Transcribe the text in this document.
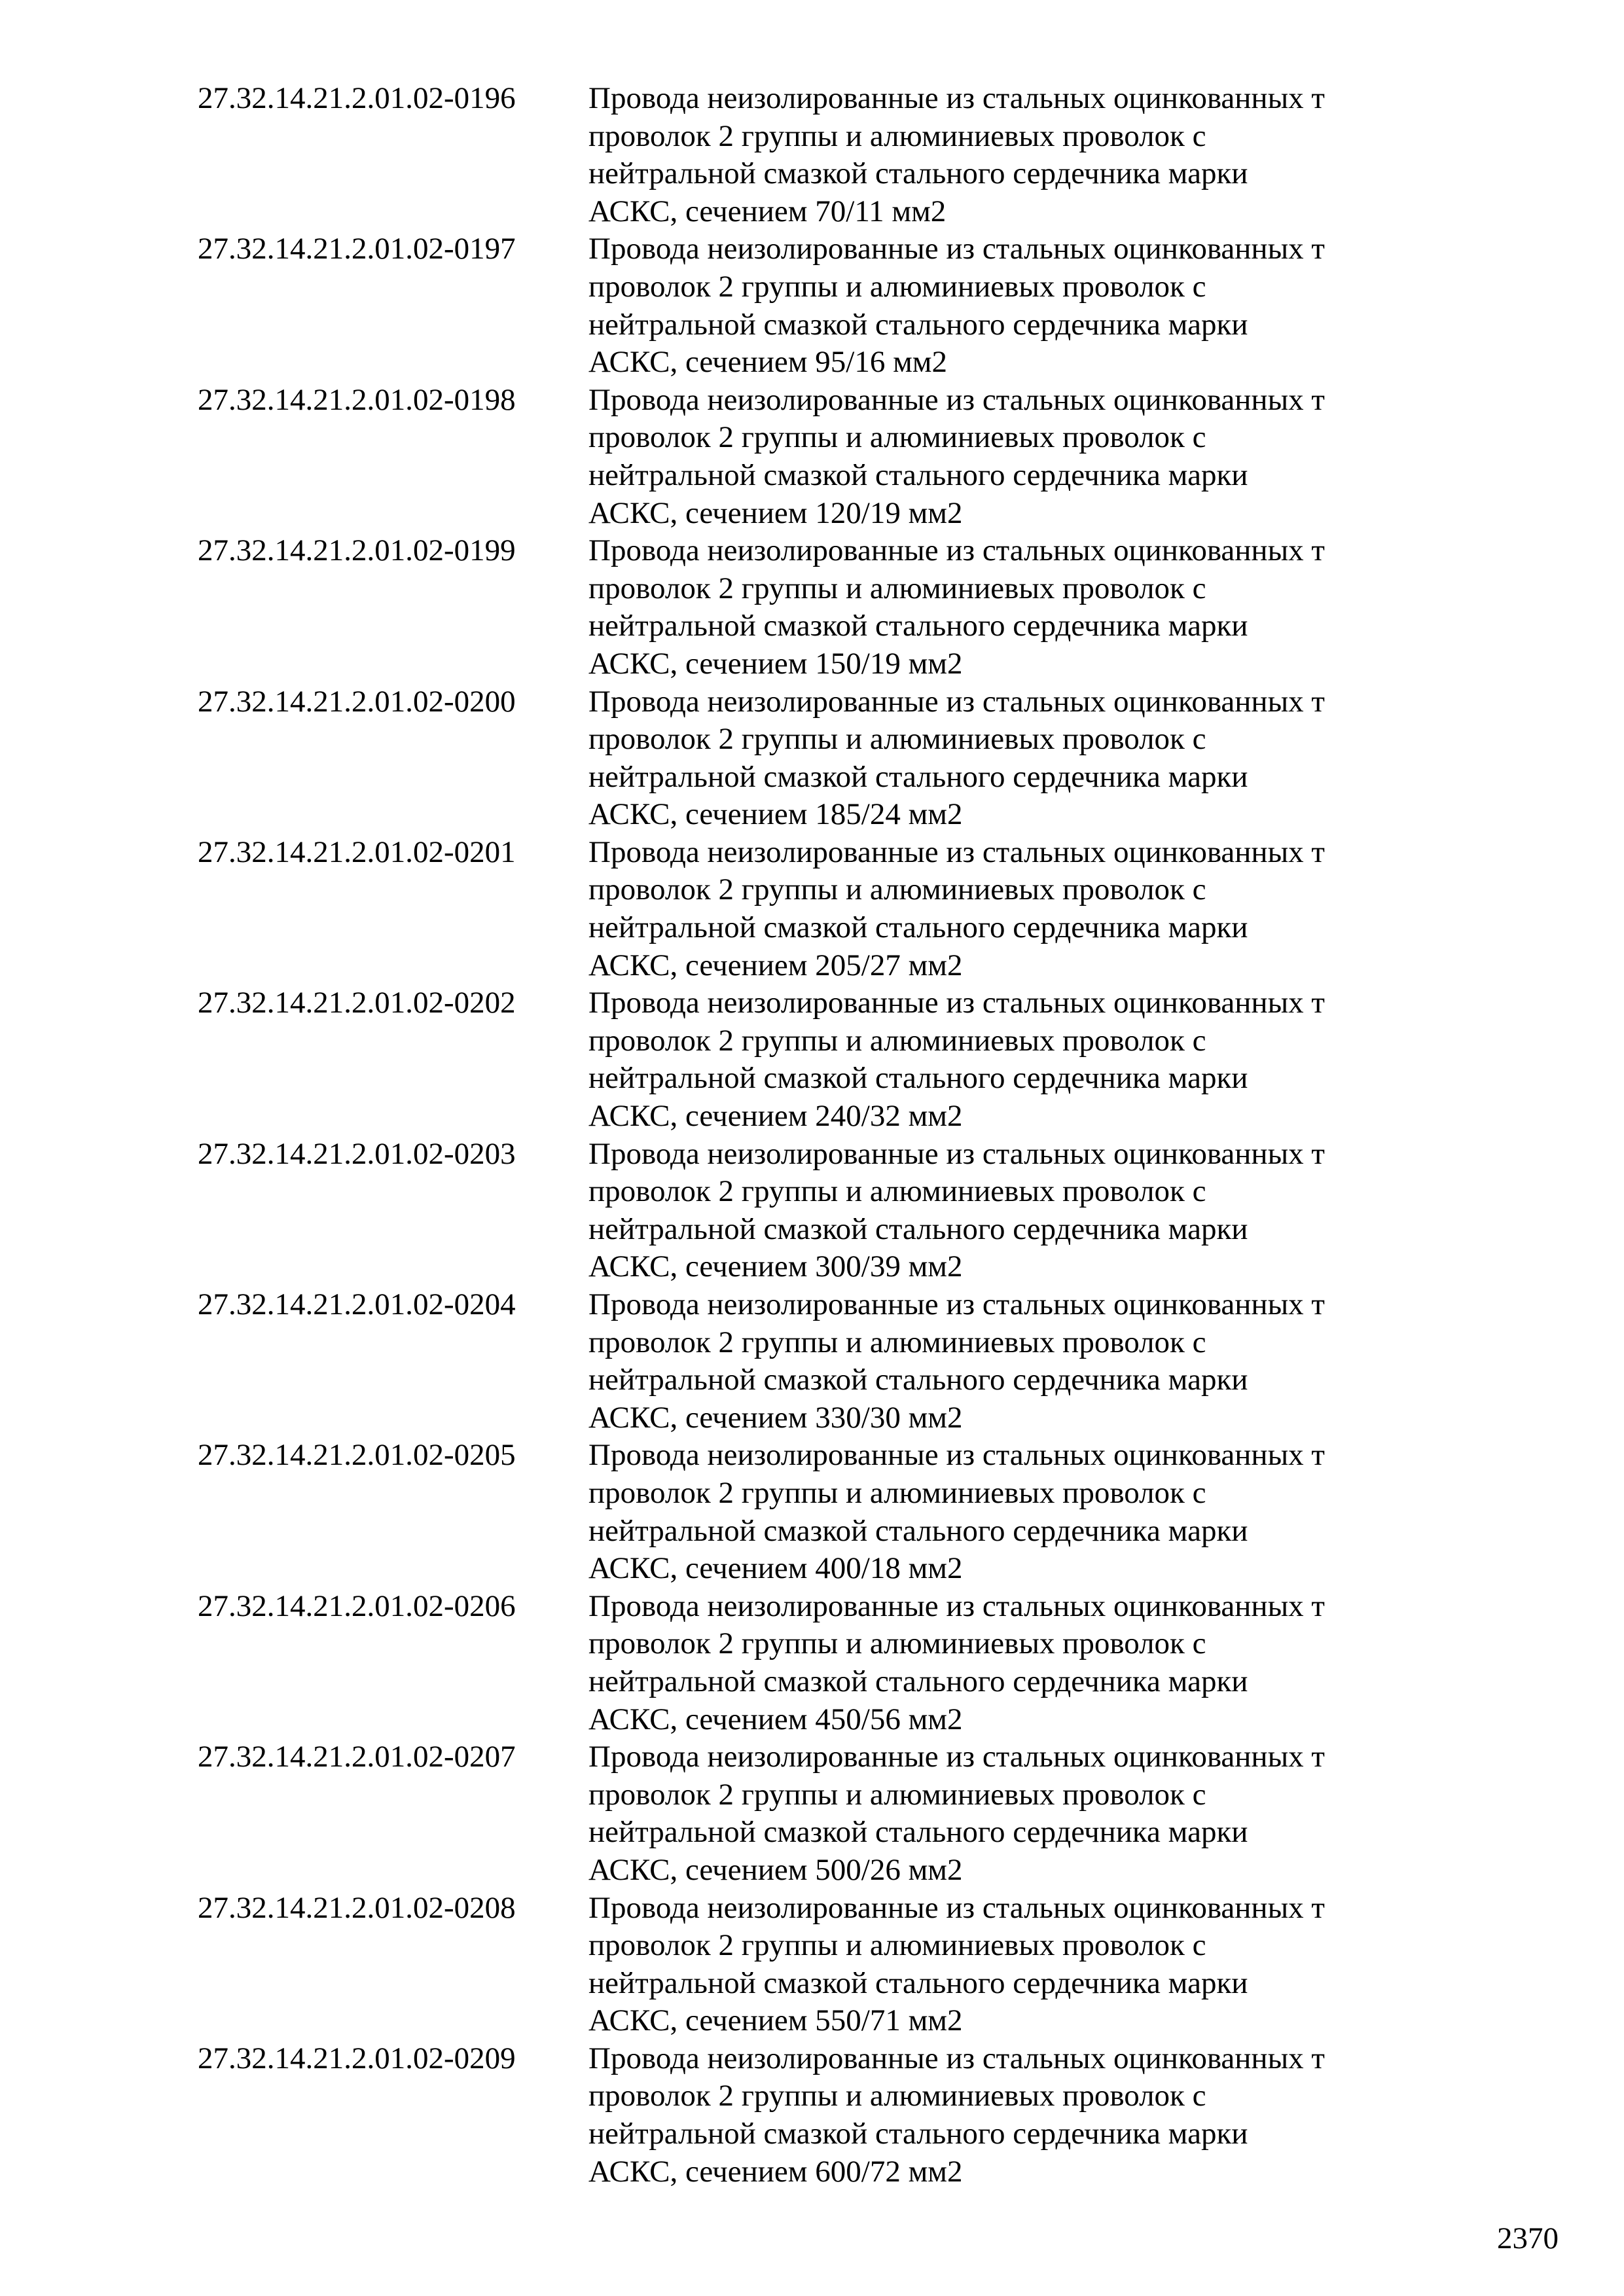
27.32.14.21.2.01.02-0196	Провода неизолированные из стальных оцинкованных т
проволок 2 группы и алюминиевых проволок с
нейтральной смазкой стального сердечника марки
АСКС, сечением 70/11 мм2
27.32.14.21.2.01.02-0197	Провода неизолированные из стальных оцинкованных т
проволок 2 группы и алюминиевых проволок с
нейтральной смазкой стального сердечника марки
АСКС, сечением 95/16 мм2
27.32.14.21.2.01.02-0198	Провода неизолированные из стальных оцинкованных т
проволок 2 группы и алюминиевых проволок с
нейтральной смазкой стального сердечника марки
АСКС, сечением 120/19 мм2
27.32.14.21.2.01.02-0199	Провода неизолированные из стальных оцинкованных т
проволок 2 группы и алюминиевых проволок с
нейтральной смазкой стального сердечника марки
АСКС, сечением 150/19 мм2
27.32.14.21.2.01.02-0200	Провода неизолированные из стальных оцинкованных т
проволок 2 группы и алюминиевых проволок с
нейтральной смазкой стального сердечника марки
АСКС, сечением 185/24 мм2
27.32.14.21.2.01.02-0201	Провода неизолированные из стальных оцинкованных т
проволок 2 группы и алюминиевых проволок с
нейтральной смазкой стального сердечника марки
АСКС, сечением 205/27 мм2
27.32.14.21.2.01.02-0202	Провода неизолированные из стальных оцинкованных т
проволок 2 группы и алюминиевых проволок с
нейтральной смазкой стального сердечника марки
АСКС, сечением 240/32 мм2
27.32.14.21.2.01.02-0203	Провода неизолированные из стальных оцинкованных т
проволок 2 группы и алюминиевых проволок с
нейтральной смазкой стального сердечника марки
АСКС, сечением 300/39 мм2
27.32.14.21.2.01.02-0204	Провода неизолированные из стальных оцинкованных т
проволок 2 группы и алюминиевых проволок с
нейтральной смазкой стального сердечника марки
АСКС, сечением 330/30 мм2
27.32.14.21.2.01.02-0205	Провода неизолированные из стальных оцинкованных т
проволок 2 группы и алюминиевых проволок с
нейтральной смазкой стального сердечника марки
АСКС, сечением 400/18 мм2
27.32.14.21.2.01.02-0206	Провода неизолированные из стальных оцинкованных т
проволок 2 группы и алюминиевых проволок с
нейтральной смазкой стального сердечника марки
АСКС, сечением 450/56 мм2
27.32.14.21.2.01.02-0207	Провода неизолированные из стальных оцинкованных т
проволок 2 группы и алюминиевых проволок с
нейтральной смазкой стального сердечника марки
АСКС, сечением 500/26 мм2
27.32.14.21.2.01.02-0208	Провода неизолированные из стальных оцинкованных т
проволок 2 группы и алюминиевых проволок с
нейтральной смазкой стального сердечника марки
АСКС, сечением 550/71 мм2
27.32.14.21.2.01.02-0209	Провода неизолированные из стальных оцинкованных т
проволок 2 группы и алюминиевых проволок с
нейтральной смазкой стального сердечника марки
АСКС, сечением 600/72 мм2
2370
